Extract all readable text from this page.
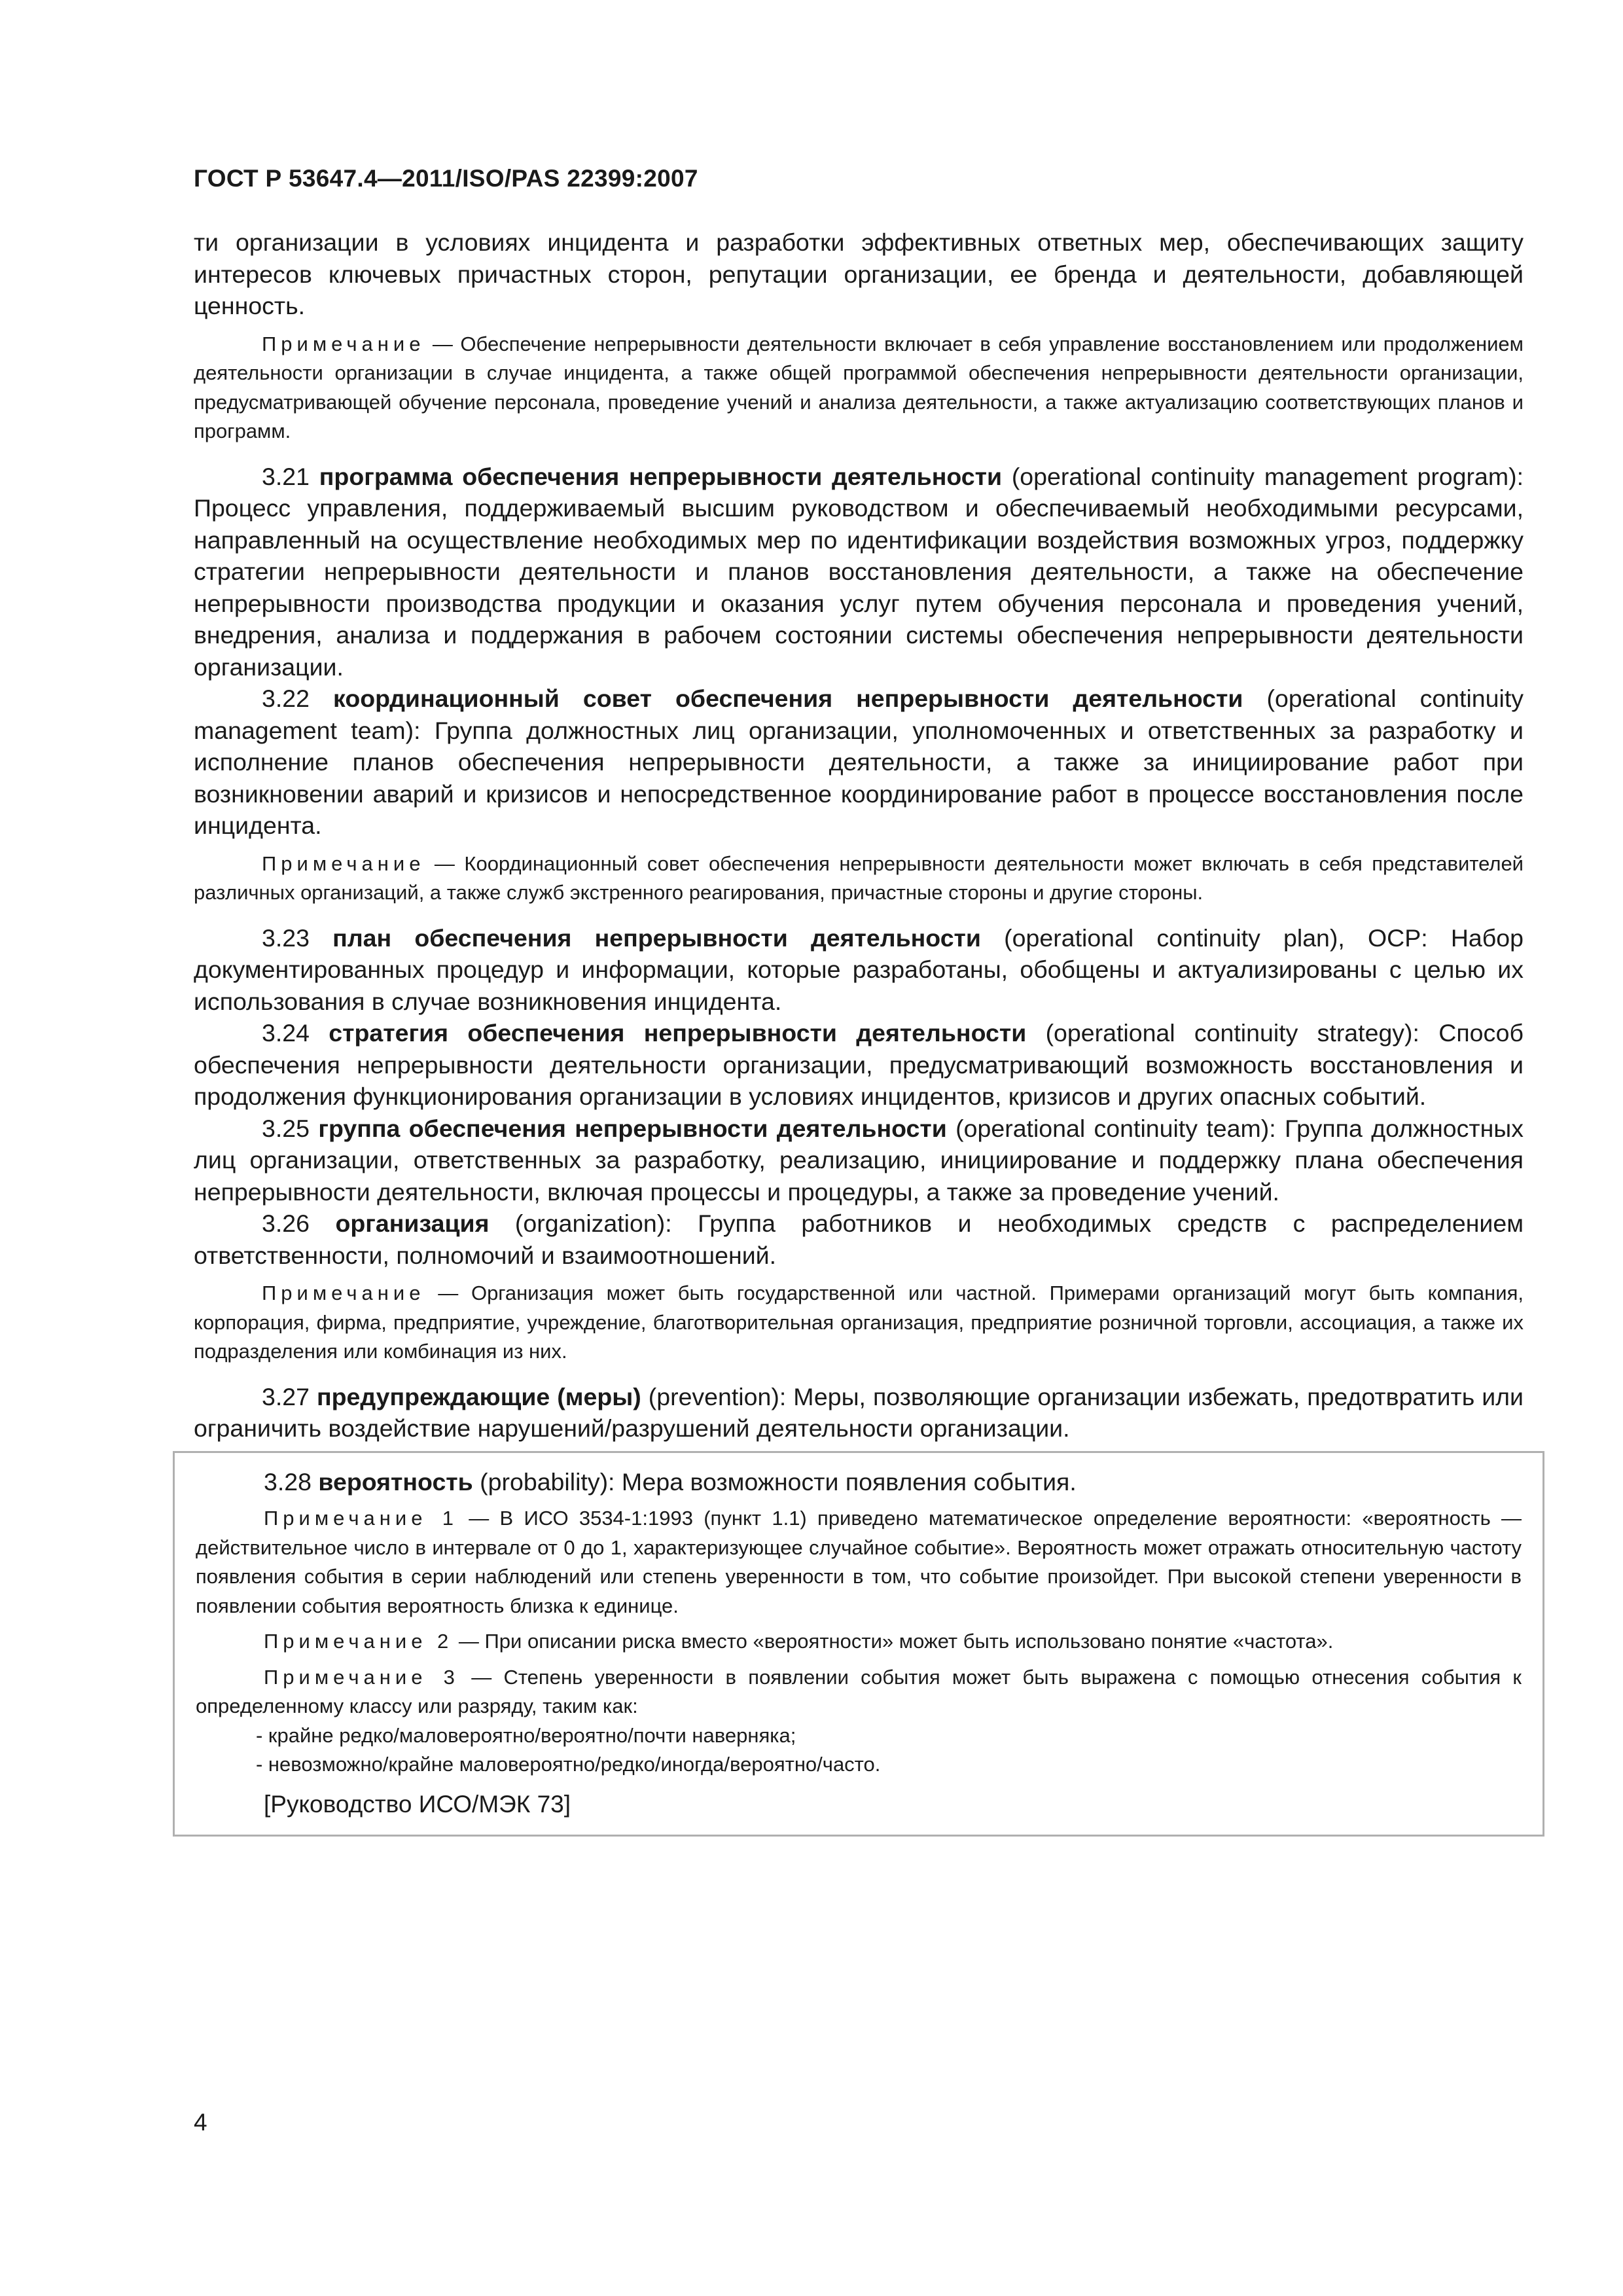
ГОСТ Р 53647.4—2011/ISO/PAS 22399:2007

ти организации в условиях инцидента и разработки эффективных ответных мер, обеспечивающих защиту интересов ключевых причастных сторон, репутации организации, ее бренда и деятельности, добавляющей ценность.

Примечание — Обеспечение непрерывности деятельности включает в себя управление восстановлением или продолжением деятельности организации в случае инцидента, а также общей программой обеспечения непрерывности деятельности организации, предусматривающей обучение персонала, проведение учений и анализа деятельности, а также актуализацию соответствующих планов и программ.

3.21 программа обеспечения непрерывности деятельности (operational continuity management program): Процесс управления, поддерживаемый высшим руководством и обеспечиваемый необходимыми ресурсами, направленный на осуществление необходимых мер по идентификации воздействия возможных угроз, поддержку стратегии непрерывности деятельности и планов восстановления деятельности, а также на обеспечение непрерывности производства продукции и оказания услуг путем обучения персонала и проведения учений, внедрения, анализа и поддержания в рабочем состоянии системы обеспечения непрерывности деятельности организации.

3.22 координационный совет обеспечения непрерывности деятельности (operational continuity management team): Группа должностных лиц организации, уполномоченных и ответственных за разработку и исполнение планов обеспечения непрерывности деятельности, а также за инициирование работ при возникновении аварий и кризисов и непосредственное координирование работ в процессе восстановления после инцидента.

Примечание — Координационный совет обеспечения непрерывности деятельности может включать в себя представителей различных организаций, а также служб экстренного реагирования, причастные стороны и другие стороны.

3.23 план обеспечения непрерывности деятельности (operational continuity plan), OCP: Набор документированных процедур и информации, которые разработаны, обобщены и актуализированы с целью их использования в случае возникновения инцидента.

3.24 стратегия обеспечения непрерывности деятельности (operational continuity strategy): Способ обеспечения непрерывности деятельности организации, предусматривающий возможность восстановления и продолжения функционирования организации в условиях инцидентов, кризисов и других опасных событий.

3.25 группа обеспечения непрерывности деятельности (operational continuity team): Группа должностных лиц организации, ответственных за разработку, реализацию, инициирование и поддержку плана обеспечения непрерывности деятельности, включая процессы и процедуры, а также за проведение учений.

3.26 организация (organization): Группа работников и необходимых средств с распределением ответственности, полномочий и взаимоотношений.

Примечание — Организация может быть государственной или частной. Примерами организаций могут быть компания, корпорация, фирма, предприятие, учреждение, благотворительная организация, предприятие розничной торговли, ассоциация, а также их подразделения или комбинация из них.

3.27 предупреждающие (меры) (prevention): Меры, позволяющие организации избежать, предотвратить или ограничить воздействие нарушений/разрушений деятельности организации.

3.28 вероятность (probability): Мера возможности появления события.

Примечание 1 — В ИСО 3534-1:1993 (пункт 1.1) приведено математическое определение вероятности: «вероятность — действительное число в интервале от 0 до 1, характеризующее случайное событие». Вероятность может отражать относительную частоту появления события в серии наблюдений или степень уверенности в том, что событие произойдет. При высокой степени уверенности в появлении события вероятность близка к единице.

Примечание 2 — При описании риска вместо «вероятности» может быть использовано понятие «частота».

Примечание 3 — Степень уверенности в появлении события может быть выражена с помощью отнесения события к определенному классу или разряду, таким как:

- крайне редко/маловероятно/вероятно/почти наверняка;

- невозможно/крайне маловероятно/редко/иногда/вероятно/часто.

[Руководство ИСО/МЭК 73]

4
